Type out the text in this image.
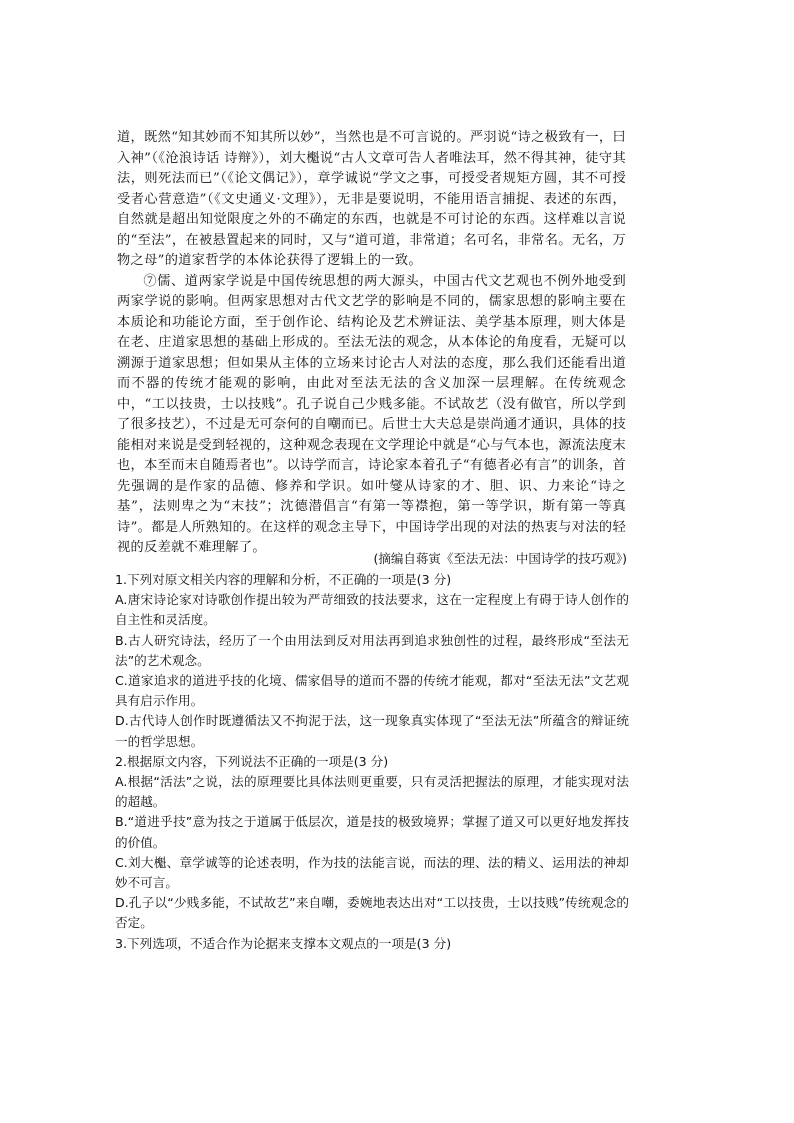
道，既然“知其妙而不知其所以妙”，当然也是不可言说的。严羽说“诗之极致有一，曰入神”（《沧浪诗话 诗辩》），刘大櫆说“古人文章可告人者唯法耳，然不得其神，徒守其法，则死法而已”（《论文偶记》），章学诚说“学文之事，可授受者规矩方圆，其不可授受者心营意造”（《文史通义·文理》），无非是要说明，不能用语言捕捉、表述的东西，自然就是超出知觉限度之外的不确定的东西，也就是不可讨论的东西。这样难以言说的“至法”，在被悬置起来的同时，又与“道可道，非常道；名可名，非常名。无名，万物之母”的道家哲学的本体论获得了逻辑上的一致。

⑦儒、道两家学说是中国传统思想的两大源头，中国古代文艺观也不例外地受到两家学说的影响。但两家思想对古代文艺学的影响是不同的，儒家思想的影响主要在本质论和功能论方面，至于创作论、结构论及艺术辨证法、美学基本原理，则大体是在老、庄道家思想的基础上形成的。至法无法的观念，从本体论的角度看，无疑可以溯源于道家思想；但如果从主体的立场来讨论古人对法的态度，那么我们还能看出道而不器的传统才能观的影响，由此对至法无法的含义加深一层理解。在传统观念中，“工以技贵，士以技贱”。孔子说自己少贱多能。不试故艺（没有做官，所以学到了很多技艺），不过是无可奈何的自嘲而已。后世士大夫总是崇尚通才通识，具体的技能相对来说是受到轻视的，这种观念表现在文学理论中就是“心与气本也，源流法度末也，本至而末自随焉者也”。以诗学而言，诗论家本着孔子“有德者必有言”的训条，首先强调的是作家的品德、修养和学识。如叶燮从诗家的才、胆、识、力来论“诗之基”，法则卑之为“末技”；沈德潜倡言“有第一等襟抱，第一等学识，斯有第一等真诗”。都是人所熟知的。在这样的观念主导下，中国诗学出现的对法的热衷与对法的轻视的反差就不难理解了。

(摘编自蒋寅《至法无法：中国诗学的技巧观》)
1.下列对原文相关内容的理解和分析，不正确的一项是(3 分)
A.唐宋诗论家对诗歌创作提出较为严苛细致的技法要求，这在一定程度上有碍于诗人创作的自主性和灵活度。
B.古人研究诗法，经历了一个由用法到反对用法再到追求独创性的过程，最终形成“至法无法”的艺术观念。
C.道家追求的道进乎技的化境、儒家倡导的道而不器的传统才能观，都对“至法无法”文艺观具有启示作用。
D.古代诗人创作时既遵循法又不拘泥于法，这一现象真实体现了“至法无法”所蕴含的辩证统一的哲学思想。
2.根据原文内容，下列说法不正确的一项是(3 分)
A.根据“活法”之说，法的原理要比具体法则更重要，只有灵活把握法的原理，才能实现对法的超越。
B.“道进乎技”意为技之于道属于低层次，道是技的极致境界；掌握了道又可以更好地发挥技的价值。
C.刘大櫆、章学诚等的论述表明，作为技的法能言说，而法的理、法的精义、运用法的神却妙不可言。
D.孔子以“少贱多能，不试故艺”来自嘲，委婉地表达出对“工以技贵，士以技贱”传统观念的否定。
3.下列选项，不适合作为论据来支撑本文观点的一项是(3 分)
